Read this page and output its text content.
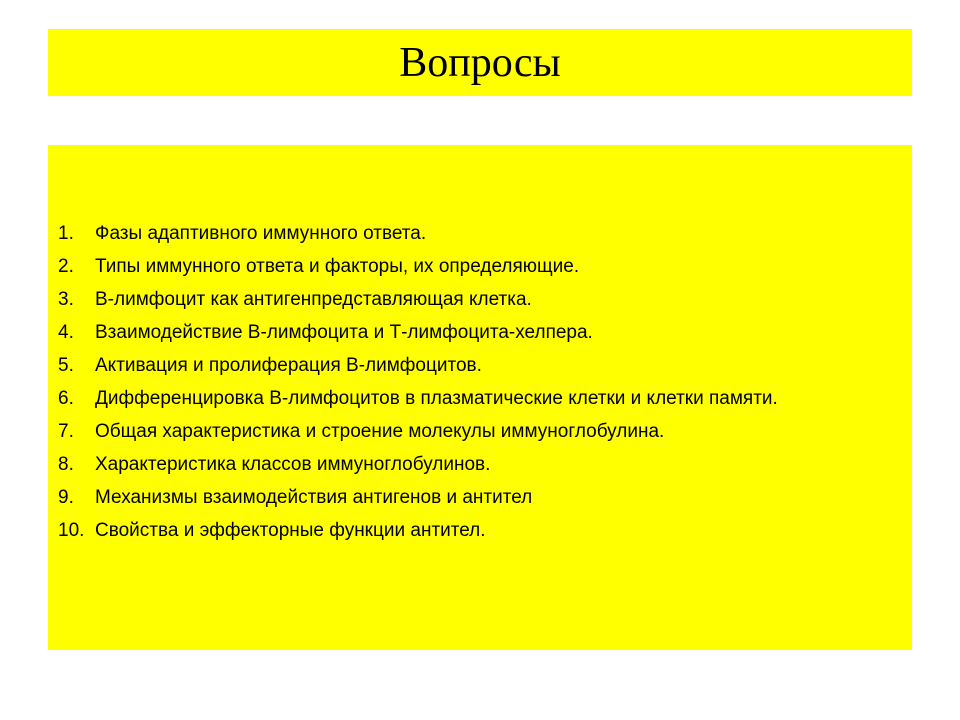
Вопросы
1. Фазы адаптивного иммунного ответа.
2. Типы иммунного ответа и факторы, их определяющие.
3. В-лимфоцит как антигенпредставляющая клетка.
4. Взаимодействие В-лимфоцита и Т-лимфоцита-хелпера.
5. Активация и пролиферация В-лимфоцитов.
6. Дифференцировка В-лимфоцитов в плазматические клетки и клетки памяти.
7. Общая характеристика и строение молекулы иммуноглобулина.
8. Характеристика классов иммуноглобулинов.
9. Механизмы взаимодействия антигенов и антител
10. Свойства и эффекторные функции антител.
